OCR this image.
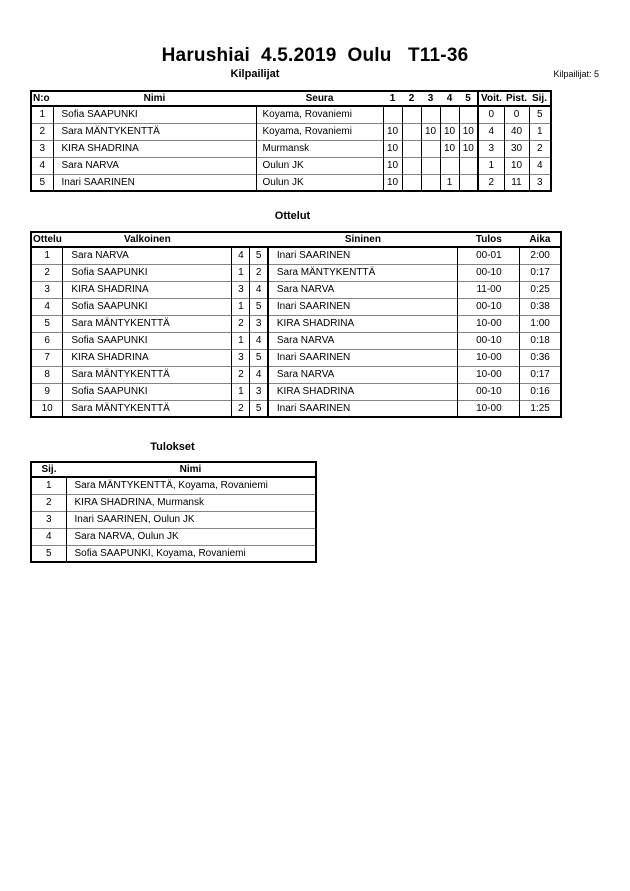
Harushiai  4.5.2019  Oulu   T11-36
Kilpailijat	Kilpailijat: 5
N:o	Nimi	Seura	1	2	3	4	5	Voit.	Pist.	Sij.
1	Sofia SAAPUNKI	Koyama, Rovaniemi						0	0	5
2	Sara MÄNTYKENTTÄ	Koyama, Rovaniemi	10		10	10	10	4	40	1
3	KIRA SHADRINA	Murmansk	10			10	10	3	30	2
4	Sara NARVA	Oulun JK	10					1	10	4
5	Inari SAARINEN	Oulun JK	10			1		2	11	3
Ottelut
Ottelu	Valkoinen			Sininen	Tulos	Aika
1	Sara NARVA	4	5	Inari SAARINEN	00-01	2:00
2	Sofia SAAPUNKI	1	2	Sara MÄNTYKENTTÄ	00-10	0:17
3	KIRA SHADRINA	3	4	Sara NARVA	11-00	0:25
4	Sofia SAAPUNKI	1	5	Inari SAARINEN	00-10	0:38
5	Sara MÄNTYKENTTÄ	2	3	KIRA SHADRINA	10-00	1:00
6	Sofia SAAPUNKI	1	4	Sara NARVA	00-10	0:18
7	KIRA SHADRINA	3	5	Inari SAARINEN	10-00	0:36
8	Sara MÄNTYKENTTÄ	2	4	Sara NARVA	10-00	0:17
9	Sofia SAAPUNKI	1	3	KIRA SHADRINA	00-10	0:16
10	Sara MÄNTYKENTTÄ	2	5	Inari SAARINEN	10-00	1:25
Tulokset
Sij.	Nimi
1	Sara MÄNTYKENTTÄ, Koyama, Rovaniemi
2	KIRA SHADRINA, Murmansk
3	Inari SAARINEN, Oulun JK
4	Sara NARVA, Oulun JK
5	Sofia SAAPUNKI, Koyama, Rovaniemi
